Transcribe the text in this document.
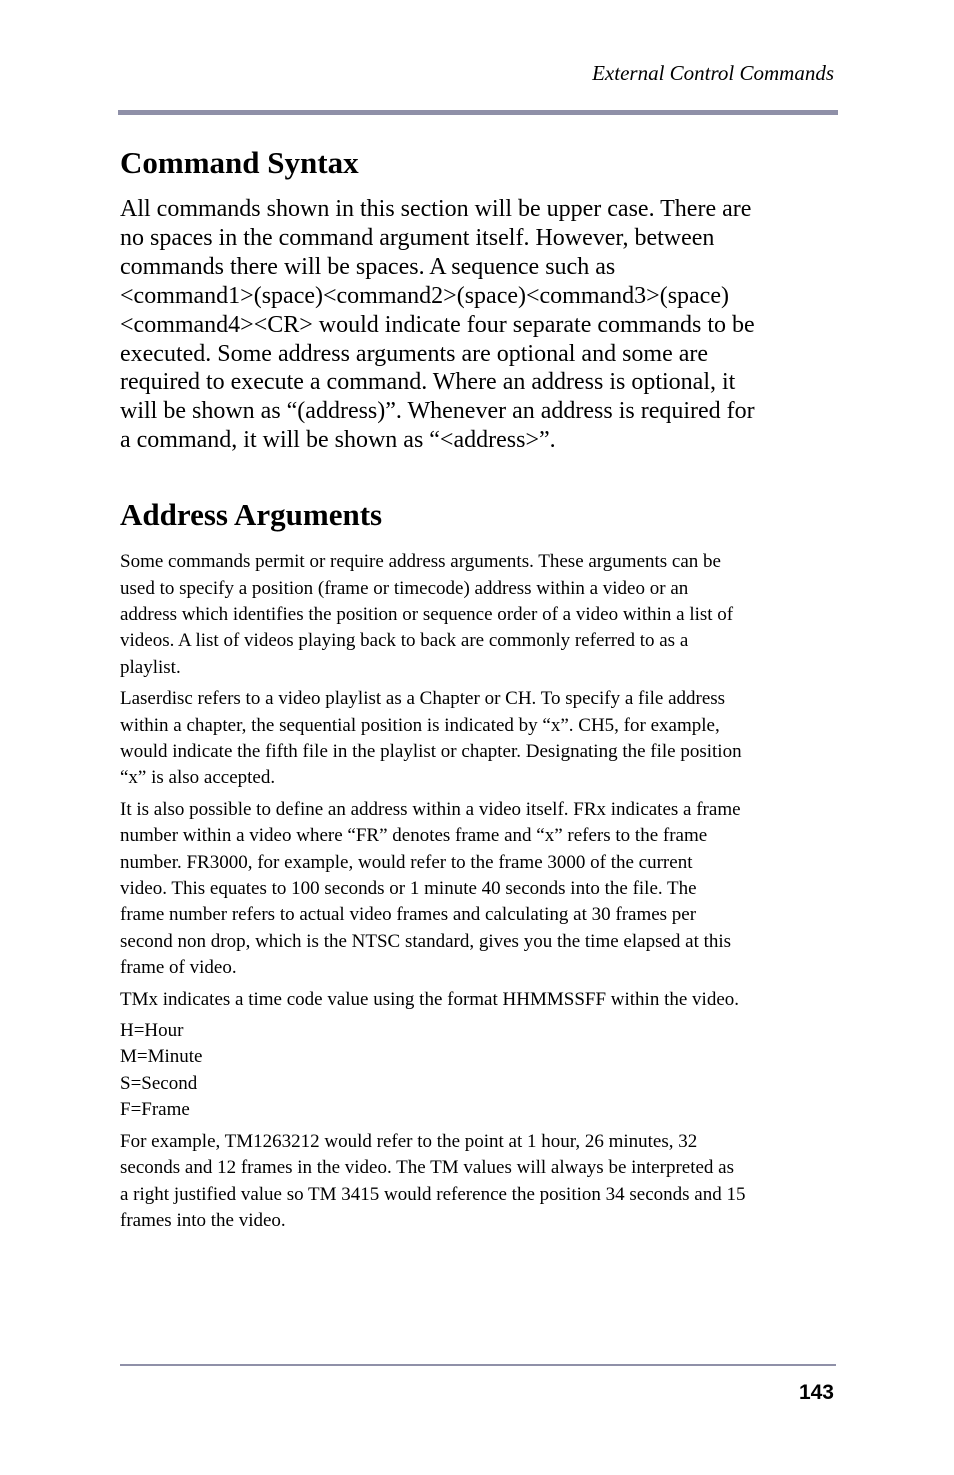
External Control Commands
Command Syntax
All commands shown in this section will be upper case. There are
no spaces in the command argument itself. However, between
commands there will be spaces. A sequence such as
<command1>(space)<command2>(space)<command3>(space)
<command4><CR> would indicate four separate commands to be
executed. Some address arguments are optional and some are
required to execute a command. Where an address is optional, it
will be shown as “(address)”. Whenever an address is required for
a command, it will be shown as “<address>”.
Address Arguments
Some commands permit or require address arguments. These arguments can be
used to specify a position (frame or timecode) address within a video or an
address which identifies the position or sequence order of a video within a list of
videos. A list of videos playing back to back are commonly referred to as a
playlist.
Laserdisc refers to a video playlist as a Chapter or CH. To specify a file address
within a chapter, the sequential position is indicated by “x”. CH5, for example,
would indicate the fifth file in the playlist or chapter. Designating the file position
“x” is also accepted.
It is also possible to define an address within a video itself. FRx indicates a frame
number within a video where “FR” denotes frame and “x” refers to the frame
number. FR3000, for example, would refer to the frame 3000 of the current
video. This equates to 100 seconds or 1 minute 40 seconds into the file. The
frame number refers to actual video frames and calculating at 30 frames per
second non drop, which is the NTSC standard, gives you the time elapsed at this
frame of video.
TMx indicates a time code value using the format HHMMSSFF within the video.
H=Hour
M=Minute
S=Second
F=Frame
For example, TM1263212 would refer to the point at 1 hour, 26 minutes, 32
seconds and 12 frames in the video. The TM values will always be interpreted as
a right justified value so TM 3415 would reference the position 34 seconds and 15
frames into the video.
143
